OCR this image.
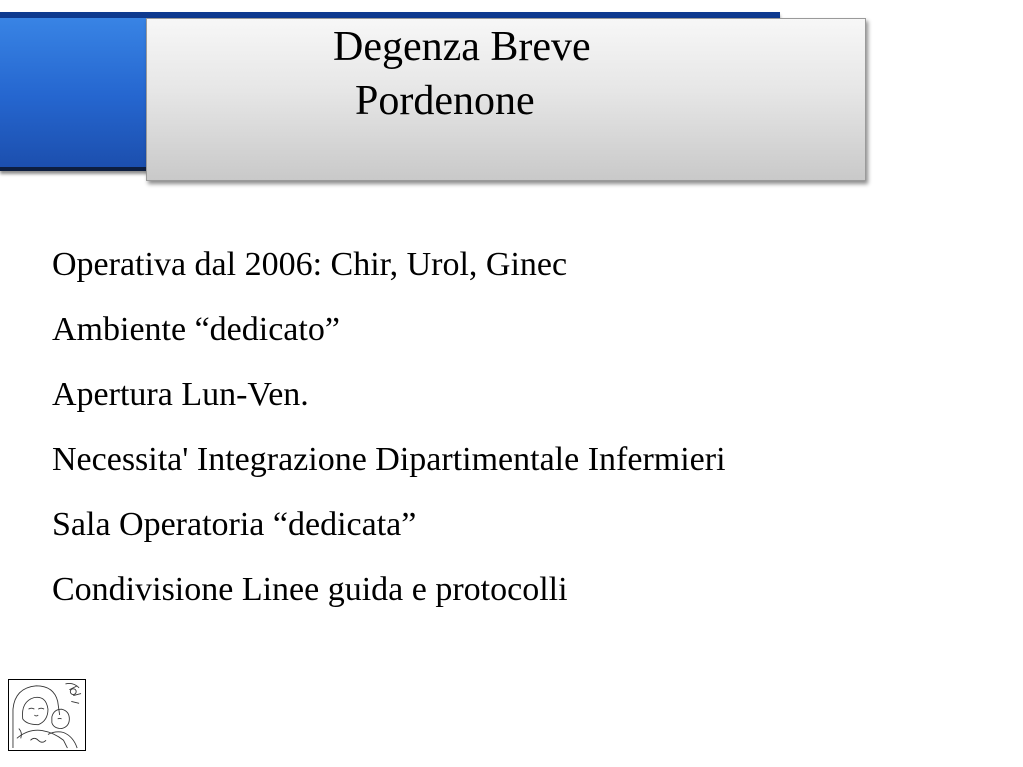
Degenza Breve
Pordenone
Operativa dal 2006: Chir, Urol, Ginec
Ambiente “dedicato”
Apertura Lun-Ven.
Necessita' Integrazione Dipartimentale Infermieri
Sala Operatoria “dedicata”
Condivisione Linee guida e protocolli
